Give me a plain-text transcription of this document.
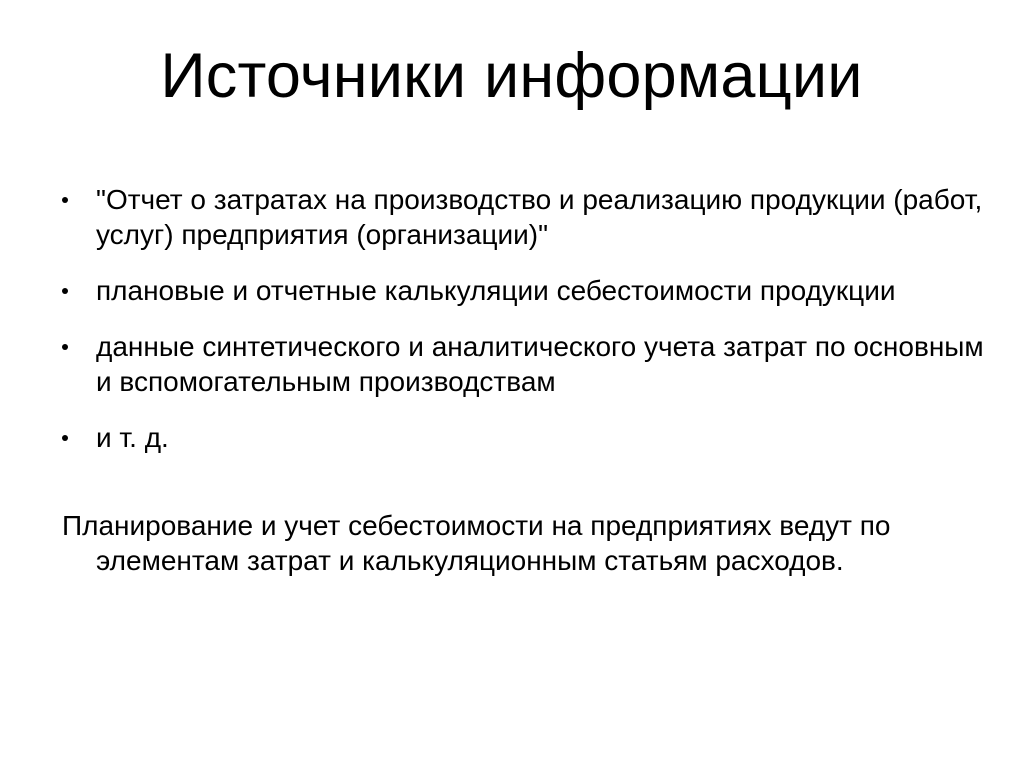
Источники информации
"Отчет о затратах на производство и реализацию продукции (работ, услуг) предприятия (организации)"
плановые и отчетные калькуляции себестоимости продукции
данные синтетического и аналитического учета затрат по основным и вспомогательным производствам
и т. д.

Планирование и учет себестоимости на предприятиях ведут по элементам затрат и калькуляционным статьям расходов.
